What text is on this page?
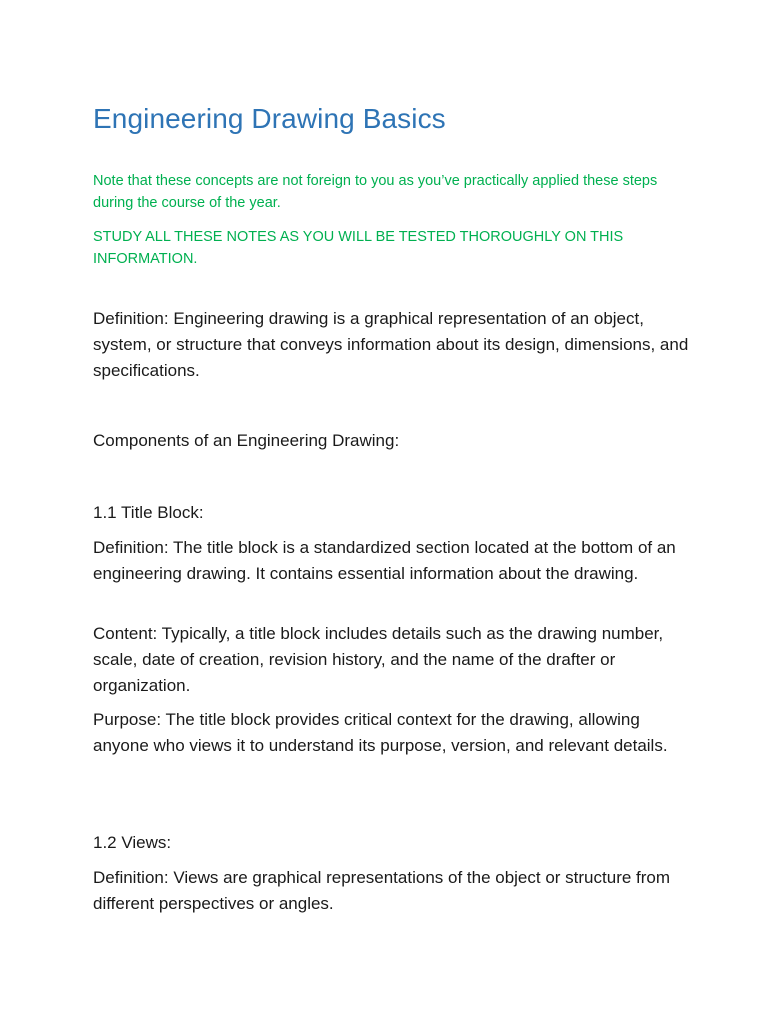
Engineering Drawing Basics

Note that these concepts are not foreign to you as you’ve practically applied these steps during the course of the year.

STUDY ALL THESE NOTES AS YOU WILL BE TESTED THOROUGHLY ON THIS INFORMATION.

Definition: Engineering drawing is a graphical representation of an object, system, or structure that conveys information about its design, dimensions, and specifications.

Components of an Engineering Drawing:

1.1 Title Block:

Definition: The title block is a standardized section located at the bottom of an engineering drawing. It contains essential information about the drawing.

Content: Typically, a title block includes details such as the drawing number, scale, date of creation, revision history, and the name of the drafter or organization.

Purpose: The title block provides critical context for the drawing, allowing anyone who views it to understand its purpose, version, and relevant details.

1.2 Views:

Definition: Views are graphical representations of the object or structure from different perspectives or angles.
